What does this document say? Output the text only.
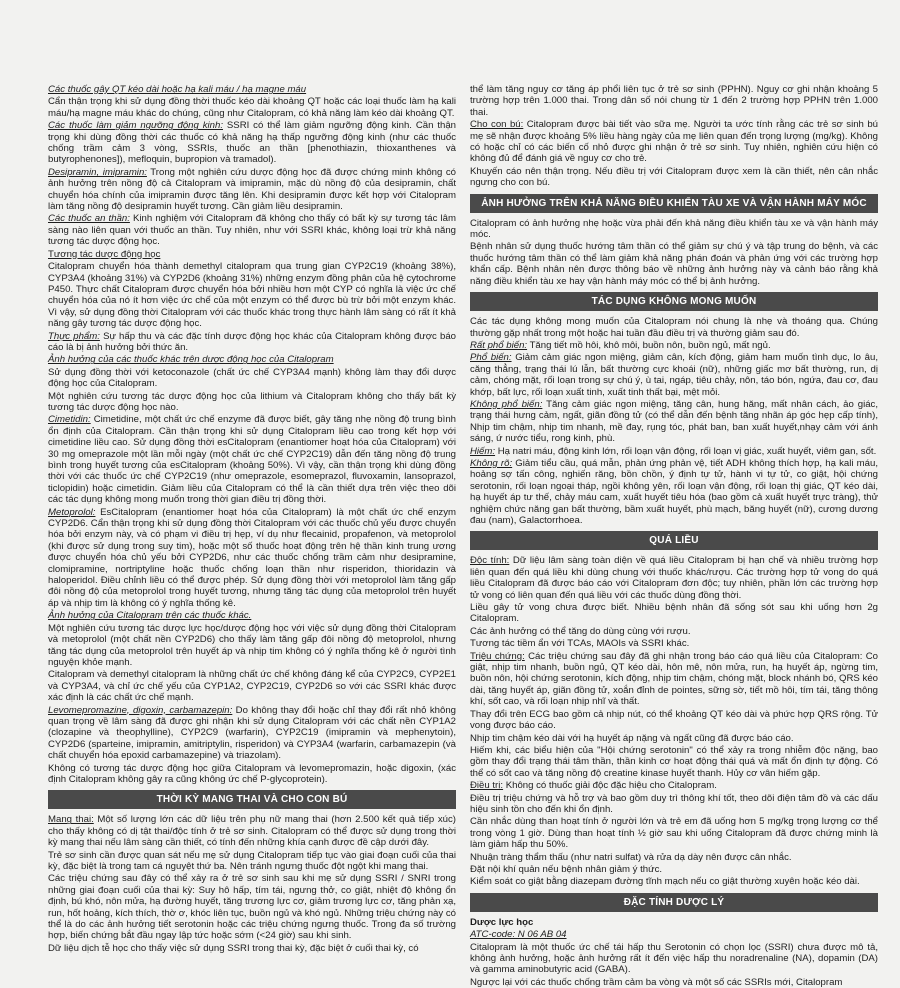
Các thuốc gây QT kéo dài hoặc hạ kali máu / hạ magne máu

Cẩn thận trọng khi sử dụng đồng thời thuốc kéo dài khoảng QT hoặc các loại thuốc làm hạ kali máu/hạ magne máu khác do chúng, cũng như Citalopram, có khả năng làm kéo dài khoảng QT.

Các thuốc làm giảm ngưỡng động kinh: SSRI có thể làm giảm ngưỡng động kinh. Cần thận trọng khi dùng đồng thời các thuốc có khả năng hạ thấp ngưỡng động kinh (như các thuốc chống trầm cảm 3 vòng, SSRIs, thuốc an thần [phenothiazin, thioxanthenes và butyrophenones]), mefloquin, bupropion và tramadol).

Desipramin, imipramin: Trong một nghiên cứu dược động học đã được chứng minh không có ảnh hưởng trên nồng độ cả Citalopram và imipramin, mặc dù nồng độ của desipramin, chất chuyển hóa chính của imipramin được tăng lên. Khi desipramin được kết hợp với Citalopram làm tăng nồng độ desipramin huyết tương. Cần giảm liều desipramin.

Các thuốc an thần: Kinh nghiệm với Citalopram đã không cho thấy có bất kỳ sự tương tác lâm sàng nào liên quan với thuốc an thần. Tuy nhiên, như với SSRI khác, không loại trừ khả năng tương tác dược động học.

Tương tác dược động học

Citalopram chuyển hóa thành demethyl citalopram qua trung gian CYP2C19 (khoảng 38%), CYP3A4 (khoảng 31%) và CYP2D6 (khoảng 31%) những enzym đồng phân của hệ cytochrome P450. Thực chất Citalopram được chuyển hóa bởi nhiều hơn một CYP có nghĩa là việc ức chế chuyển hóa của nó ít hơn việc ức chế của một enzym có thể được bù trừ bởi một enzym khác. Vì vậy, sử dụng đồng thời Citalopram với các thuốc khác trong thực hành lâm sàng có rất ít khả năng gây tương tác dược động học.

Thực phẩm: Sự hấp thu và các đặc tính dược động học khác của Citalopram không được báo cáo là bị ảnh hưởng bởi thức ăn.

Ảnh hưởng của các thuốc khác trên dược động học của Citalopram

Sử dụng đồng thời với ketoconazole (chất ức chế CYP3A4 mạnh) không làm thay đổi dược động học của Citalopram.

Một nghiên cứu tương tác dược động học của lithium và Citalopram không cho thấy bất kỳ tương tác dược động học nào.

Cimetidin: Cimetidine, một chất ức chế enzyme đã được biết, gây tăng nhẹ nồng độ trung bình ổn định của Citalopram. Cần thận trọng khi sử dụng Citalopram liều cao trong kết hợp với cimetidine liều cao. Sử dụng đồng thời esCitalopram (enantiomer hoạt hóa của Citalopram) với 30 mg omeprazole một lần mỗi ngày (một chất ức chế CYP2C19) dẫn đến tăng nồng độ trung bình trong huyết tương của esCitalopram (khoảng 50%). Vì vậy, cần thận trọng khi dùng đồng thời với các thuốc ức chế CYP2C19 (như omeprazole, esomeprazol, fluvoxamin, lansoprazol, ticlopidin) hoặc cimetidin. Giảm liều của Citalopram có thể là cần thiết dựa trên việc theo dõi các tác dụng không mong muốn trong thời gian điều trị đồng thời.

Metoprolol: EsCitalopram (enantiomer hoạt hóa của Citalopram) là một chất ức chế enzym CYP2D6. Cẩn thận trọng khi sử dụng đồng thời Citalopram với các thuốc chủ yếu được chuyển hóa bởi enzym này, và có phạm vi điều trị hẹp, ví dụ như flecainid, propafenon, và metoprolol (khi được sử dụng trong suy tim), hoặc một số thuốc hoạt động trên hệ thần kinh trung ương được chuyển hóa chủ yếu bởi CYP2D6, như các thuốc chống trầm cảm như desipramine, clomipramine, nortriptyline hoặc thuốc chống loạn thần như risperidon, thioridazin và haloperidol. Điều chỉnh liều có thể được phép. Sử dụng đồng thời với metoprolol làm tăng gấp đôi nồng độ của metoprolol trong huyết tương, nhưng tăng tác dụng của metoprolol trên huyết áp và nhịp tim là không có ý nghĩa thống kê.

Ảnh hưởng của Citalopram trên các thuốc khác.

Một nghiên cứu tương tác dược lực học/dược động học với việc sử dụng đồng thời Citalopram và metoprolol (một chất nền CYP2D6) cho thấy làm tăng gấp đôi nồng độ metoprolol, nhưng tăng tác dụng của metoprolol trên huyết áp và nhịp tim không có ý nghĩa thống kê ở người tình nguyện khỏe mạnh.

Citalopram và demethyl citalopram là những chất ức chế không đáng kể của CYP2C9, CYP2E1 và CYP3A4, và chỉ ức chế yếu của CYP1A2, CYP2C19, CYP2D6 so với các SSRI khác được xác định là các chất ức chế mạnh.

Levomepromazine, digoxin, carbamazepin: Do không thay đổi hoặc chỉ thay đổi rất nhỏ không quan trọng về lâm sàng đã được ghi nhận khi sử dụng Citalopram với các chất nền CYP1A2 (clozapine và theophylline), CYP2C9 (warfarin), CYP2C19 (imipramin và mephenytoin), CYP2D6 (sparteine, imipramin, amitriptylin, risperidon) và CYP3A4 (warfarin, carbamazepin (và chất chuyển hóa epoxid carbamazepine) và triazolam).

Không có tương tác dược động học giữa Citalopram và levomepromazin, hoặc digoxin, (xác định Citalopram không gây ra cũng không ức chế P-glycoprotein).

THỜI KỲ MANG THAI VÀ CHO CON BÚ

Mang thai: Một số lượng lớn các dữ liệu trên phụ nữ mang thai (hơn 2.500 kết quả tiếp xúc) cho thấy không có dị tật thai/độc tính ở trẻ sơ sinh. Citalopram có thể được sử dụng trong thời kỳ mang thai nếu lâm sàng cần thiết, có tính đến những khía cạnh được đề cập dưới đây.

Trẻ sơ sinh cần được quan sát nếu mẹ sử dụng Citalopram tiếp tục vào giai đoạn cuối của thai kỳ, đặc biệt là trong tam cá nguyệt thứ ba. Nên tránh ngưng thuốc đột ngột khi mang thai.

Các triệu chứng sau đây có thể xảy ra ở trẻ sơ sinh sau khi mẹ sử dụng SSRI / SNRI trong những giai đoạn cuối của thai kỳ: Suy hô hấp, tím tái, ngưng thở, co giật, nhiệt độ không ổn định, bú khó, nôn mửa, hạ đường huyết, tăng trương lực cơ, giảm trương lực cơ, tăng phản xạ, run, hốt hoảng, kích thích, thờ ơ, khóc liên tục, buồn ngủ và khó ngủ. Những triệu chứng này có thể là do các ảnh hưởng tiết serotonin hoặc các triệu chứng ngưng thuốc. Trong đa số trường hợp, biến chứng bắt đầu ngay lập tức hoặc sớm (<24 giờ) sau khi sinh.

Dữ liệu dịch tễ học cho thấy việc sử dụng SSRI trong thai kỳ, đặc biệt ở cuối thai kỳ, có

thể làm tăng nguy cơ tăng áp phổi liên tục ở trẻ sơ sinh (PPHN). Nguy cơ ghi nhận khoảng 5 trường hợp trên 1.000 thai. Trong dân số nói chung từ 1 đến 2 trường hợp PPHN trên 1.000 thai.

Cho con bú: Citalopram được bài tiết vào sữa mẹ. Người ta ước tính rằng các trẻ sơ sinh bú mẹ sẽ nhận được khoảng 5% liều hàng ngày của mẹ liên quan đến trọng lượng (mg/kg). Không có hoặc chỉ có các biến cố nhỏ được ghi nhận ở trẻ sơ sinh. Tuy nhiên, nghiên cứu hiện có không đủ để đánh giá về nguy cơ cho trẻ.

Khuyến cáo nên thận trọng. Nếu điều trị với Citalopram được xem là cần thiết, nên cân nhắc ngưng cho con bú.

ẢNH HƯỞNG TRÊN KHẢ NĂNG ĐIỀU KHIỂN TÀU XE VÀ VẬN HÀNH MÁY MÓC

Citalopram có ảnh hưởng nhẹ hoặc vừa phải đến khả năng điều khiển tàu xe và vận hành máy móc.

Bệnh nhân sử dụng thuốc hướng tâm thần có thể giảm sự chú ý và tập trung do bệnh, và các thuốc hướng tâm thần có thể làm giảm khả năng phán đoán và phản ứng với các trường hợp khẩn cấp. Bệnh nhân nên được thông báo về những ảnh hưởng này và cảnh báo rằng khả năng điều khiển tàu xe hay vận hành máy móc có thể bị ảnh hưởng.

TÁC DỤNG KHÔNG MONG MUỐN

Các tác dụng không mong muốn của Citalopram nói chung là nhẹ và thoáng qua. Chúng thường gặp nhất trong một hoặc hai tuần đầu điều trị và thường giảm sau đó.

Rất phổ biến: Tăng tiết mồ hôi, khô môi, buồn nôn, buồn ngủ, mất ngủ.

Phổ biến: Giảm cảm giác ngon miệng, giảm cân, kích động, giảm ham muốn tình dục, lo âu, căng thẳng, trạng thái lú lẫn, bất thường cực khoái (nữ), những giấc mơ bất thường, run, dị cảm, chóng mặt, rối loạn trong sự chú ý, ù tai, ngáp, tiêu chảy, nôn, táo bón, ngứa, đau cơ, đau khớp, bất lực, rối loạn xuất tinh, xuất tinh thất bại, mệt mỏi.

Không phổ biến: Tăng cảm giác ngon miệng, tăng cân, hung hăng, mất nhân cách, ảo giác, trạng thái hưng cảm, ngất, giãn đồng tử (có thể dẫn đến bệnh tăng nhãn áp góc hẹp cấp tính), Nhịp tim chậm, nhịp tim nhanh, mề đay, rụng tóc, phát ban, ban xuất huyết,nhạy cảm với ánh sáng, ứ nước tiểu, rong kinh, phù.

Hiếm: Hạ natri máu, động kinh lớn, rối loạn vận động, rối loạn vị giác, xuất huyết, viêm gan, sốt.

Không rõ: Giảm tiểu cầu, quá mẫn, phản ứng phản vệ, tiết ADH không thích hợp, hạ kali máu, hoảng sợ tấn công, nghiến răng, bồn chồn, ý định tự tử, hành vi tự tử, co giật, hội chứng serotonin, rối loạn ngoại tháp, ngồi không yên, rối loạn vận động, rối loạn thị giác, QT kéo dài, hạ huyết áp tư thế, chảy máu cam, xuất huyết tiêu hóa (bao gồm cả xuất huyết trực tràng), thử nghiệm chức năng gan bất thường, bầm xuất huyết, phù mạch, băng huyết (nữ), cương dương đau (nam), Galactorrhoea.

QUÁ LIỀU

Độc tính: Dữ liệu lâm sàng toàn diện về quá liều Citalopram bị hạn chế và nhiều trường hợp liên quan đến quá liều khi dùng chung với thuốc khác/rượu. Các trường hợp tử vong do quá liều Citalopram đã được báo cáo với Citalopram đơn độc; tuy nhiên, phần lớn các trường hợp tử vong có liên quan đến quá liều với các thuốc dùng đồng thời.

Liều gây tử vong chưa được biết. Nhiều bệnh nhân đã sống sót sau khi uống hơn 2g Citalopram.

Các ảnh hưởng có thể tăng do dùng cùng với rượu.

Tương tác tiềm ẩn với TCAs, MAOIs và SSRI khác.

Triệu chứng: Các triệu chứng sau đây đã ghi nhận trong báo cáo quá liều của Citalopram: Co giật, nhịp tim nhanh, buồn ngủ, QT kéo dài, hôn mê, nôn mửa, run, hạ huyết áp, ngừng tim, buồn nôn, hội chứng serotonin, kích động, nhịp tim chậm, chóng mặt, block nhánh bó, QRS kéo dài, tăng huyết áp, giãn đồng tử, xoắn đỉnh de pointes, sững sờ, tiết mồ hôi, tím tái, tăng thông khí, sốt cao, và rối loạn nhịp nhĩ và thất.

Thay đổi trên ECG bao gồm cả nhịp nút, có thể khoảng QT kéo dài và phức hợp QRS rộng. Tử vong được báo cáo.

Nhịp tim chậm kéo dài với hạ huyết áp nặng và ngất cũng đã được báo cáo.

Hiếm khi, các biểu hiện của "Hội chứng serotonin" có thể xảy ra trong nhiễm độc nặng, bao gồm thay đổi trạng thái tâm thần, thần kinh cơ hoạt động thái quá và mất ổn định tự động. Có thể có sốt cao và tăng nồng độ creatine kinase huyết thanh. Hủy cơ vân hiếm gặp.

Điều trị: Không có thuốc giải độc đặc hiệu cho Citalopram.

Điều trị triệu chứng và hỗ trợ và bao gồm duy trì thông khí tốt, theo dõi điện tâm đồ và các dấu hiệu sinh tồn cho đến khi ổn định.

Cần nhắc dùng than hoạt tính ở người lớn và trẻ em đã uống hơn 5 mg/kg trọng lượng cơ thể trong vòng 1 giờ. Dùng than hoạt tính ½ giờ sau khi uống Citalopram đã được chứng minh là làm giảm hấp thu 50%.

Nhuận tràng thẩm thấu (như natri sulfat) và rửa dạ dày nên được cân nhắc.

Đặt nội khí quản nếu bệnh nhân giảm ý thức.

Kiểm soát co giật bằng diazepam đường tĩnh mạch nếu co giật thường xuyên hoặc kéo dài.

ĐẶC TÍNH DƯỢC LÝ

Dược lực học

ATC-code: N 06 AB 04

Citalopram là một thuốc ức chế tái hấp thu Serotonin có chọn lọc (SSRI) chưa được mô tả, không ảnh hưởng, hoặc ảnh hưởng rất ít đến việc hấp thu noradrenaline (NA), dopamin (DA) và gamma aminobutyric acid (GABA).

Ngược lại với các thuốc chống trầm cảm ba vòng và một số các SSRIs mới, Citalopram
